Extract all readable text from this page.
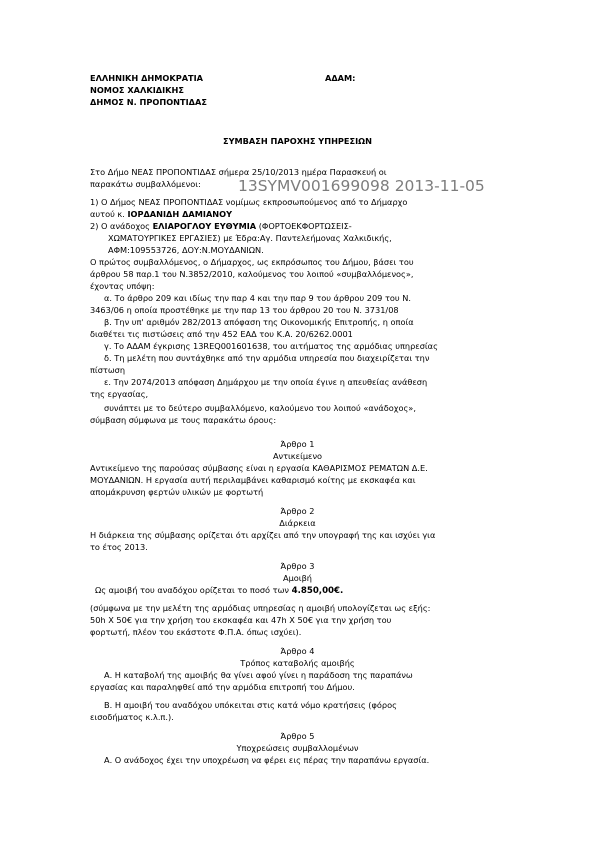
ΕΛΛΗΝΙΚΗ ΔΗΜΟΚΡΑΤΙΑ
ΝΟΜΟΣ ΧΑΛΚΙΔΙΚΗΣ
ΔΗΜΟΣ Ν. ΠΡΟΠΟΝΤΙΔΑΣ
ΑΔΑΜ:
ΣΥΜΒΑΣΗ ΠΑΡΟΧΗΣ ΥΠΗΡΕΣΙΩΝ
Στο Δήμο ΝΕΑΣ ΠΡΟΠΟΝΤΙΔΑΣ σήμερα 25/10/2013 ημέρα Παρασκευή οι
παρακάτω συμβαλλόμενοι: 13SYMV001699098 2013-11-05
1) Ο Δήμος ΝΕΑΣ ΠΡΟΠΟΝΤΙΔΑΣ νομίμως εκπροσωπούμενος από το Δήμαρχο
αυτού κ. ΙΟΡΔΑΝΙΔΗ ΔΑΜΙΑΝΟΥ
2) Ο ανάδοχος ΕΛΙΑΡΟΓΛΟΥ ΕΥΘΥΜΙΑ (ΦΟΡΤΟΕΚΦΟΡΤΩΣΕΙΣ-
ΧΩΜΑΤΟΥΡΓΙΚΕΣ ΕΡΓΑΣΙΕΣ) με Έδρα:Αγ. Παντελεήμονας Χαλκιδικής,
ΑΦΜ:109553726, ΔΟΥ:Ν.ΜΟΥΔΑΝΙΩΝ.
Ο πρώτος συμβαλλόμενος, ο Δήμαρχος, ως εκπρόσωπος του Δήμου, βάσει του
άρθρου 58 παρ.1 του Ν.3852/2010, καλούμενος του λοιπού «συμβαλλόμενος»,
έχοντας υπόψη:
α. Το άρθρο 209 και ιδίως την παρ 4 και την παρ 9 του άρθρου 209 του Ν.
3463/06 η οποία προστέθηκε με την παρ 13 του άρθρου 20 του Ν. 3731/08
β. Την υπ' αριθμόν 282/2013 απόφαση της Οικονομικής Επιτροπής, η οποία
διαθέτει τις πιστώσεις από την 452 ΕΑΔ του Κ.Α. 20/6262.0001
γ. Το ΑΔΑΜ έγκρισης 13REQ001601638, του αιτήματος της αρμόδιας υπηρεσίας
δ. Τη μελέτη που συντάχθηκε από την αρμόδια υπηρεσία που διαχειρίζεται την
πίστωση
ε. Την 2074/2013 απόφαση Δημάρχου με την οποία έγινε η απευθείας ανάθεση
της εργασίας,
συνάπτει με το δεύτερο συμβαλλόμενο, καλούμενο του λοιπού «ανάδοχος»,
σύμβαση σύμφωνα με τους παρακάτω όρους:
Άρθρο 1
Αντικείμενο
Αντικείμενο της παρούσας σύμβασης είναι η εργασία ΚΑΘΑΡΙΣΜΟΣ ΡΕΜΑΤΩΝ Δ.Ε.
ΜΟΥΔΑΝΙΩΝ. Η εργασία αυτή περιλαμβάνει καθαρισμό κοίτης με εκσκαφέα και
απομάκρυνση φερτών υλικών με φορτωτή
Άρθρο 2
Διάρκεια
Η διάρκεια της σύμβασης ορίζεται ότι αρχίζει από την υπογραφή της και ισχύει για
το έτος 2013.
Άρθρο 3
Αμοιβή
Ως αμοιβή του αναδόχου ορίζεται το ποσό των 4.850,00€.
(σύμφωνα με την μελέτη της αρμόδιας υπηρεσίας η αμοιβή υπολογίζεται ως εξής:
50h X 50€ για την χρήση του εκσκαφέα και 47h X 50€ για την χρήση του
φορτωτή, πλέον του εκάστοτε Φ.Π.Α. όπως ισχύει).
Άρθρο 4
Τρόπος καταβολής αμοιβής
Α. Η καταβολή της αμοιβής θα γίνει αφού γίνει η παράδοση της παραπάνω
εργασίας και παραληφθεί από την αρμόδια επιτροπή του Δήμου.
Β. Η αμοιβή του αναδόχου υπόκειται στις κατά νόμο κρατήσεις (φόρος
εισοδήματος κ.λ.π.).
Άρθρο 5
Υποχρεώσεις συμβαλλομένων
Α. Ο ανάδοχος έχει την υποχρέωση να φέρει εις πέρας την παραπάνω εργασία.
